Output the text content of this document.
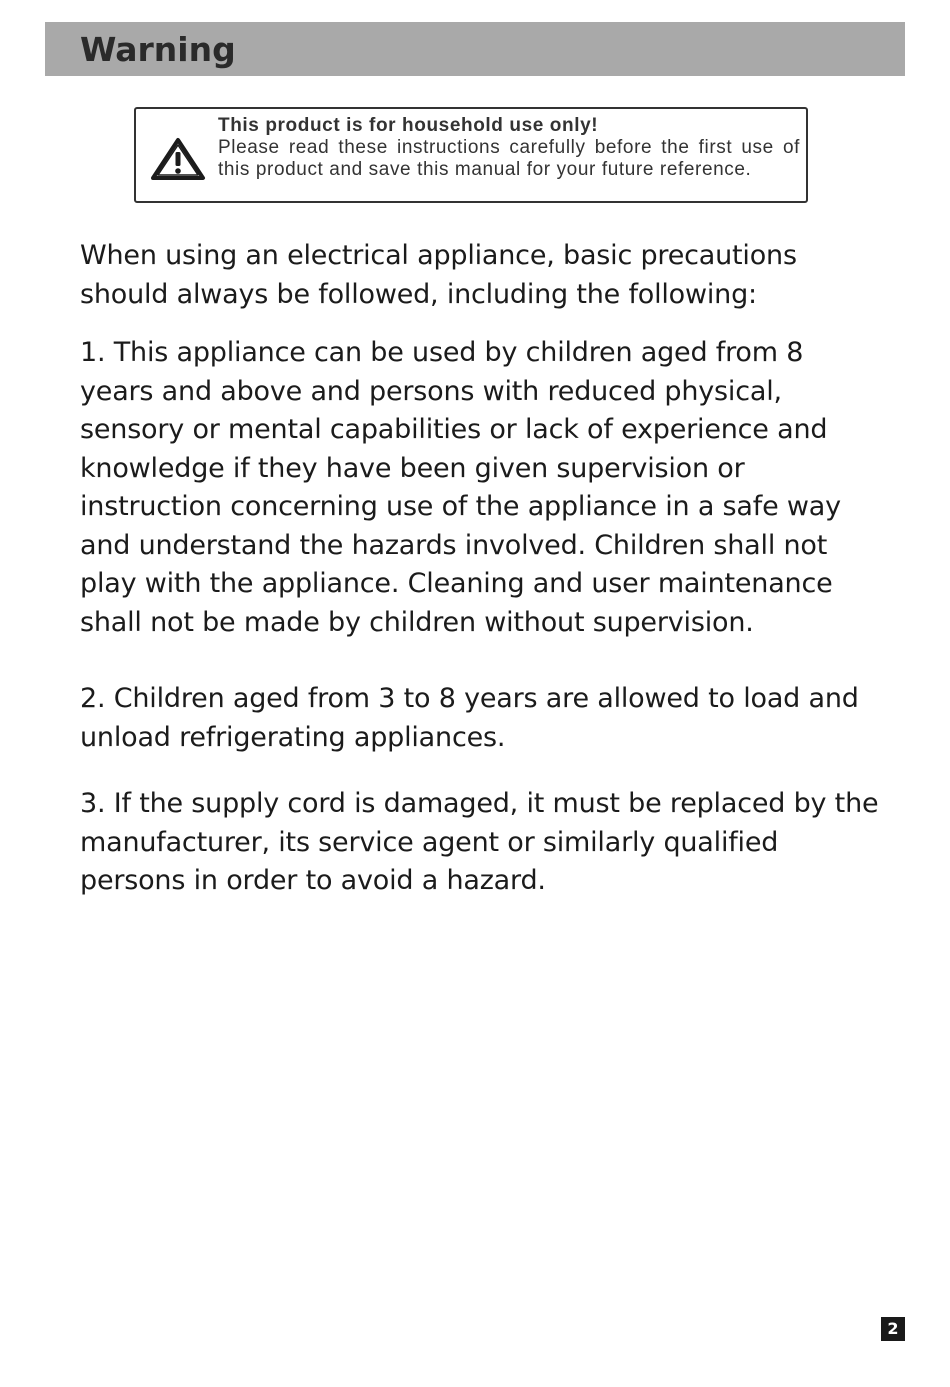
Warning
This product is for household use only!
Please read these instructions carefully before the first use of this product and save this manual for your future reference.

When using an electrical appliance, basic precautions should always be followed, including the following:

1. This appliance can be used by children aged from 8 years and above and persons with reduced physical, sensory or mental capabilities or lack of experience and knowledge if they have been given supervision or instruction concerning use of the appliance in a safe way and understand the hazards involved. Children shall not play with the appliance. Cleaning and user maintenance shall not be made by children without supervision.

2. Children aged from 3 to 8 years are allowed to load and unload refrigerating appliances.

3. If the supply cord is damaged, it must be replaced by the manufacturer, its service agent or similarly qualified persons in order to avoid a hazard.

2
